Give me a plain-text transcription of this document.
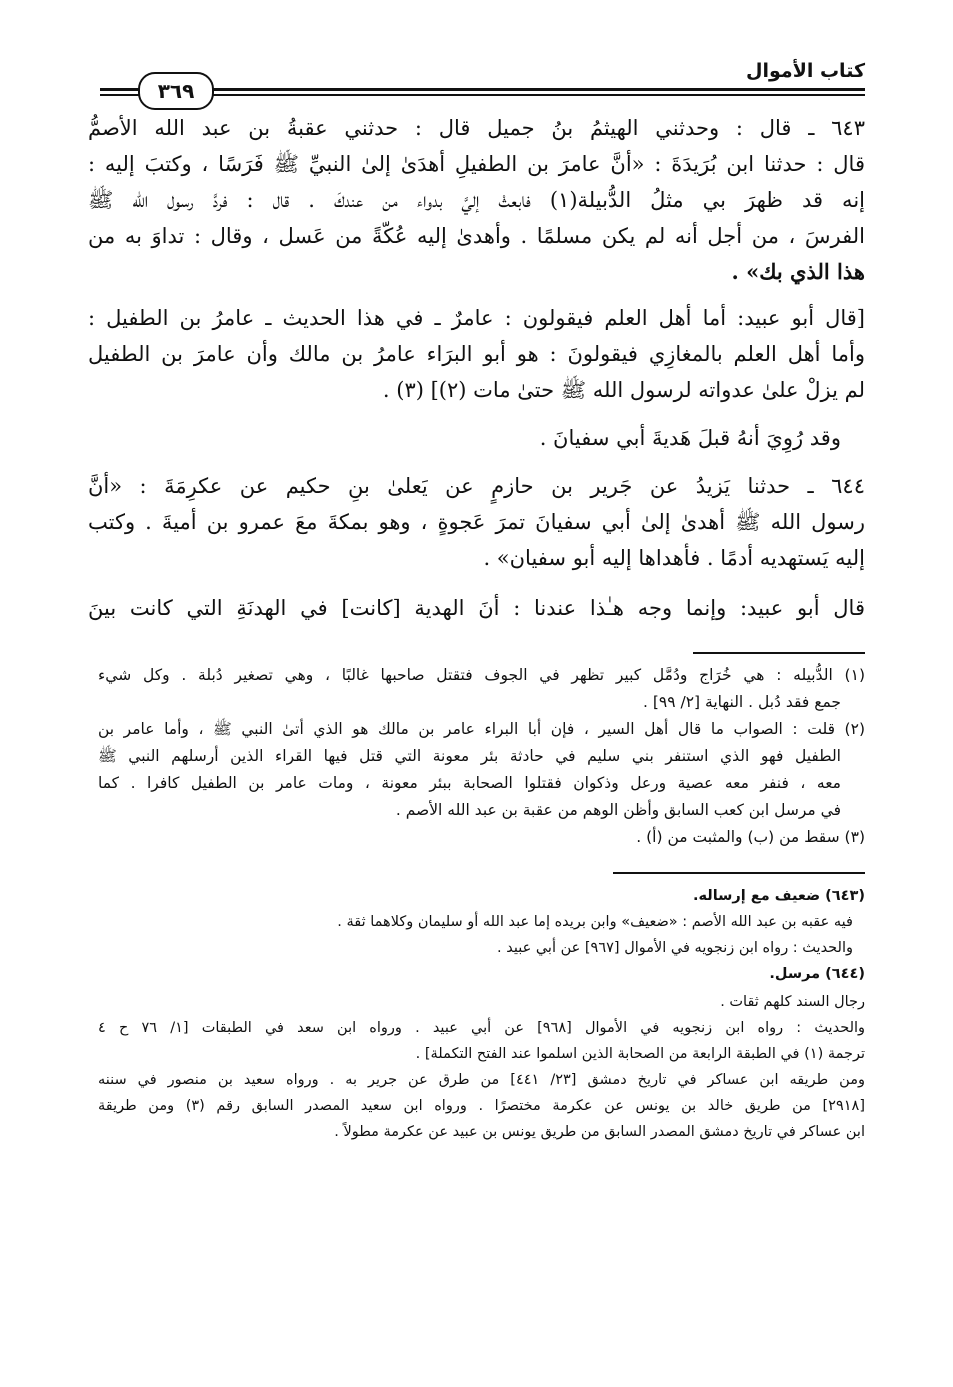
كتاب الأموال
٣٦٩
٦٤٣ ـ قال : وحدثني الهيثمُ بنُ جميل قال : حدثني عقبةُ بن عبد الله الأصمُّ
قال : حدثنا ابن بُرَيدَةَ : «أنَّ عامرَ بن الطفيلِ أهدَىٰ إلىٰ النبيِّ ﷺ فَرَسًا ، وكتبَ إليه :
إنه قد ظهرَ بي مثلُ الدُّبيلة(١) فابعثْ إليَّ بدواء من عندكَ . قال : فردَّ رسول الله ﷺ
الفرسَ ، من أجل أنه لم يكن مسلمًا . وأهدىٰ إليه عُكّةً من عَسل ، وقال : تداوَ به من
هذا الذي بك» .
[قال أبو عبيد: أما أهل العلم فيقولون : عامرٌ ـ في هذا الحديث ـ عامرُ بن الطفيل :
وأما أهل العلم بالمغازِي فيقولونَ : هو أبو البرَاء عامرُ بن مالك وأن عامرَ بن الطفيل
لم يزلْ علىٰ عدواته لرسول الله ﷺ حتىٰ مات (٢)] (٣) .
وقد رُوِيَ أنهُ قبلَ هَديةَ أبي سفيانَ .
٦٤٤ ـ حدثنا يَزيدُ عن جَرير بن حازمٍ عن يَعلىٰ بنِ حكيم عن عكرِمَةَ : «أنَّ
رسول الله ﷺ أهدىٰ إلىٰ أبي سفيانَ تمرَ عَجوةٍ ، وهو بمكةَ معَ عمرو بن أميةَ . وكتب
إليه يَستهديه أدمًا . فأهداها إليه أبو سفيان» .
قال أبو عبيد: وإنما وجه هـٰذا عندنا : أنَ الهدية [كانت] في الهدنَةِ التي كانت بينَ
(١) الدُّبيله : هي خُرَاج ودُمَّل كبير تظهر في الجوف فتقتل صاحبها غالبًا ، وهي تصغير دُبلة . وكل شيء
جمع فقد دُبل . النهاية [٢/ ٩٩] .
(٢) قلت : الصواب ما قال أهل السير ، فإن أبا البراء عامر بن مالك هو الذي أتىٰ النبي ﷺ ، وأما عامر بن
الطفيل فهو الذي استنفر بني سليم في حادثة بئر معونة التي قتل فيها القراء الذين أرسلهم النبي ﷺ
معه ، فنفر معه عصية ورعل وذكوان فقتلوا الصحابة ببئر معونة ، ومات عامر بن الطفيل كافرا . كما
في مرسل ابن كعب السابق وأظن الوهم من عقبة بن عبد الله الأصم .
(٣) سقط من (ب) والمثبت من (أ) .
(٦٤٣) ضعيف مع إرساله.
فيه عقبه بن عبد الله الأصم : «ضعيف» وابن بريده إما عبد الله أو سليمان وكلاهما ثقة .
والحديث : رواه ابن زنجويه في الأموال [٩٦٧] عن أبي عبيد .
(٦٤٤) مرسل.
رجال السند كلهم ثقات .
والحديث : رواه ابن زنجويه في الأموال [٩٦٨] عن أبي عبيد . ورواه ابن سعد في الطبقات [١/ ٧٦ ح ٤
ترجمة (١) في الطبقة الرابعة من الصحابة الذين اسلموا عند الفتح التكملة] .
ومن طريقه ابن عساكر في تاريخ دمشق [٢٣/ ٤٤١] من طرق عن جرير به . ورواه سعيد بن منصور في سننه
[٢٩١٨] من طريق خالد بن يونس عن عكرمة مختصرًا . ورواه ابن سعيد المصدر السابق رقم (٣) ومن طريقة
ابن عساكر في تاريخ دمشق المصدر السابق من طريق يونس بن عبيد عن عكرمة مطولاً .
